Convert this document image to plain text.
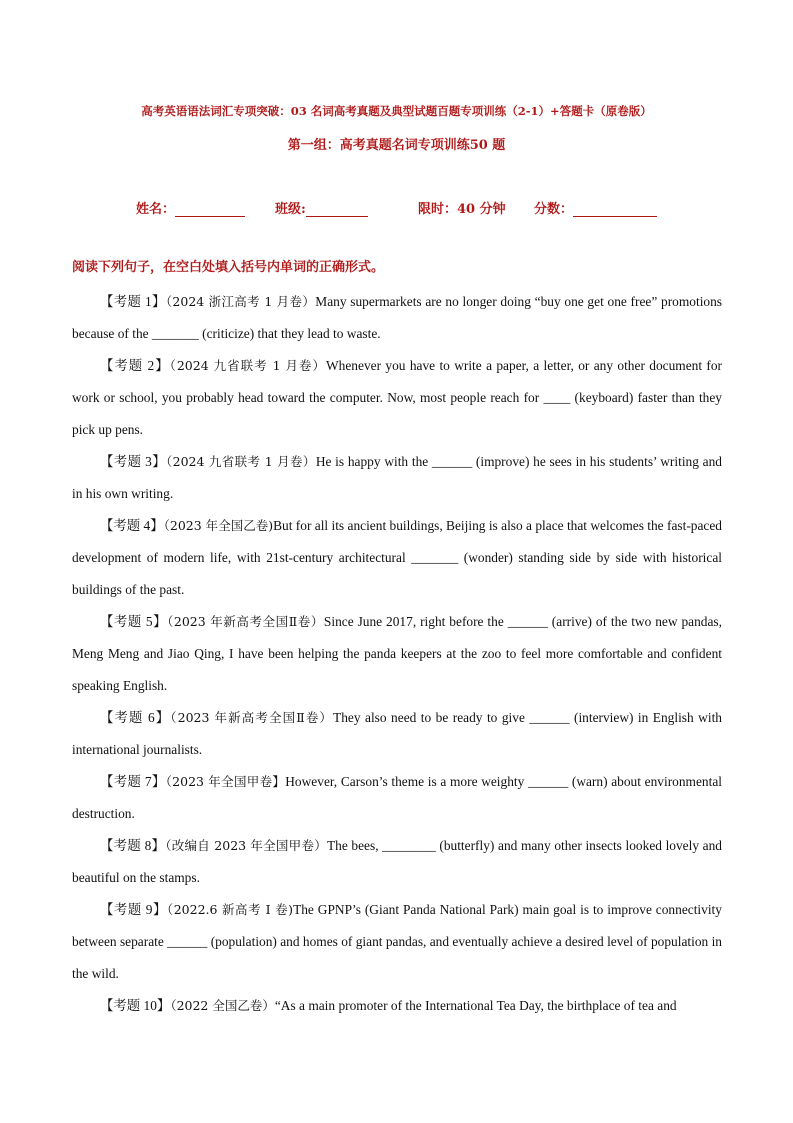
高考英语语法词汇专项突破：03 名词高考真题及典型试题百题专项训练（2-1）+答题卡（原卷版）
第一组：高考真题名词专项训练50 题
姓名：	班级:	限时：40 分钟 分数：
阅读下列句子，在空白处填入括号内单词的正确形式。

【考题 1】（2024 浙江高考 1 月卷）Many supermarkets are no longer doing “buy one get one free” promotions because of the _______ (criticize) that they lead to waste.

【考题 2】（2024 九省联考 1 月卷）Whenever you have to write a paper, a letter, or any other document for work or school, you probably head toward the computer. Now, most people reach for ____ (keyboard) faster than they pick up pens.

【考题 3】（2024 九省联考 1 月卷）He is happy with the ______ (improve) he sees in his students’ writing and in his own writing.

【考题 4】（2023 年全国乙卷)But for all its ancient buildings, Beijing is also a place that welcomes the fast-paced development of modern life, with 21st-century architectural _______ (wonder) standing side by side with historical buildings of the past.

【考题 5】（2023 年新高考全国Ⅱ卷）Since June 2017, right before the ______ (arrive) of the two new pandas, Meng Meng and Jiao Qing, I have been helping the panda keepers at the zoo to feel more comfortable and confident speaking English.

【考题 6】（2023 年新高考全国Ⅱ卷）They also need to be ready to give ______ (interview) in English with international journalists.

【考题 7】（2023 年全国甲卷】However, Carson’s theme is a more weighty ______ (warn) about environmental destruction.

【考题 8】（改编自 2023 年全国甲卷）The bees, ________ (butterfly) and many other insects looked lovely and beautiful on the stamps.

【考题 9】（2022.6 新高考 I 卷)The GPNP’s (Giant Panda National Park) main goal is to improve connectivity between separate ______ (population) and homes of giant pandas, and eventually achieve a desired level of population in the wild.

【考题 10】（2022 全国乙卷）“As a main promoter of the International Tea Day, the birthplace of tea and
